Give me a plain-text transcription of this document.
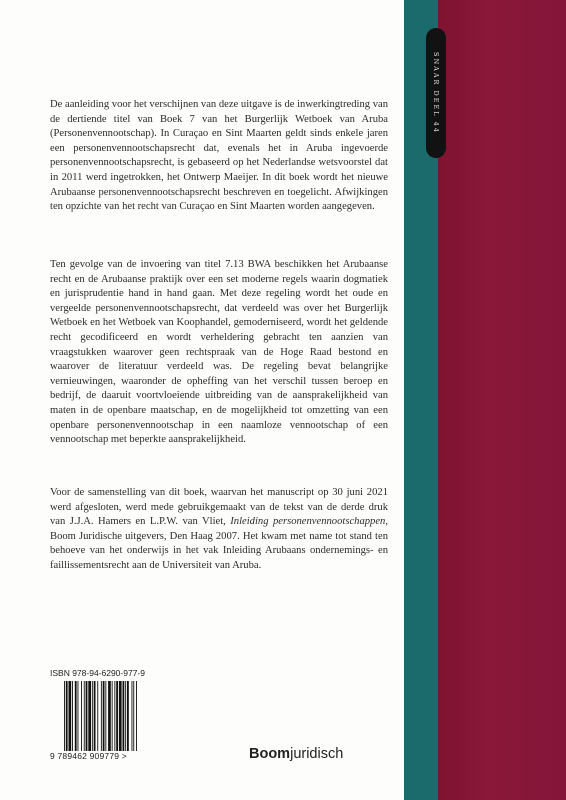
SNAAR DEEL 44

De aanleiding voor het verschijnen van deze uitgave is de inwerkingtreding van de dertiende titel van Boek 7 van het Burgerlijk Wetboek van Aruba (Personenvennootschap). In Curaçao en Sint Maarten geldt sinds enkele jaren een personenvennootschapsrecht dat, evenals het in Aruba ingevoerde personenvennootschapsrecht, is gebaseerd op het Nederlandse wetsvoorstel dat in 2011 werd ingetrokken, het Ontwerp Maeijer. In dit boek wordt het nieuwe Arubaanse personenvennootschapsrecht beschreven en toegelicht. Afwijkingen ten opzichte van het recht van Curaçao en Sint Maarten worden aangegeven.

Ten gevolge van de invoering van titel 7.13 BWA beschikken het Arubaanse recht en de Arubaanse praktijk over een set moderne regels waarin dogmatiek en jurisprudentie hand in hand gaan. Met deze regeling wordt het oude en vergeelde personenvennootschapsrecht, dat verdeeld was over het Burgerlijk Wetboek en het Wetboek van Koophandel, gemoderniseerd, wordt het geldende recht gecodificeerd en wordt verheldering gebracht ten aanzien van vraagstukken waarover geen rechtspraak van de Hoge Raad bestond en waarover de literatuur verdeeld was. De regeling bevat belangrijke vernieuwingen, waaronder de opheffing van het verschil tussen beroep en bedrijf, de daaruit voortvloeiende uitbreiding van de aansprakelijkheid van maten in de openbare maatschap, en de mogelijkheid tot omzetting van een openbare personenvennootschap in een naamloze vennootschap of een vennootschap met beperkte aansprakelijkheid.

Voor de samenstelling van dit boek, waarvan het manuscript op 30 juni 2021 werd afgesloten, werd mede gebruikgemaakt van de tekst van de derde druk van J.J.A. Hamers en L.P.W. van Vliet, Inleiding personenvennootschappen, Boom Juridische uitgevers, Den Haag 2007. Het kwam met name tot stand ten behoeve van het onderwijs in het vak Inleiding Arubaans ondernemings- en faillissementsrecht aan de Universiteit van Aruba.

ISBN 978-94-6290-977-9
9 789462 909779 >	Boomjuridisch
